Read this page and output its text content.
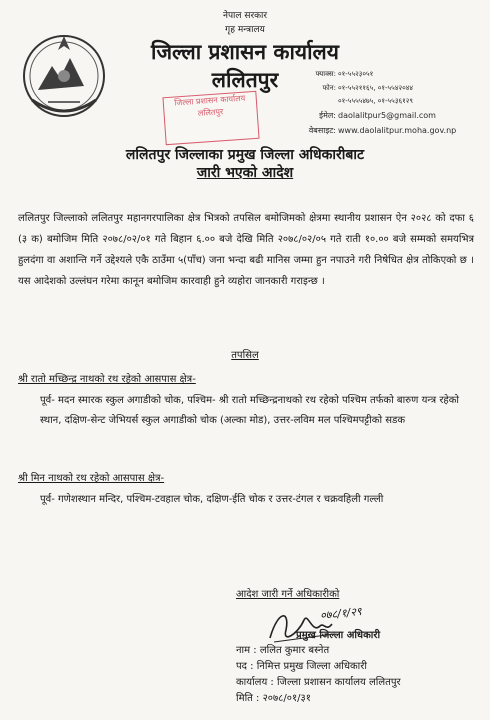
नेपाल सरकार
गृह मन्त्रालय
जिल्ला प्रशासन कार्यालय
ललितपुर
जिल्ला प्रशासन कार्यालय
ललितपुर
फ्याक्स: ०१-५५२३०५१
फोन: ०१-५५२११६५, ०१-५५४२०४४
०१-५५५५४७५, ०१-५५३६१२९
ईमेल: daolalitpur5@gmail.com
वेबसाइट: www.daolalitpur.moha.gov.np
ललितपुर जिल्लाका प्रमुख जिल्ला अधिकारीबाट
जारी भएको आदेश
ललितपुर जिल्लाको ललितपुर महानगरपालिका क्षेत्र भित्रको तपसिल बमोजिमको क्षेत्रमा स्थानीय प्रशासन ऐन २०२८ को दफा ६ (३ क) बमोजिम मिति २०७८/०२/०१ गते बिहान ६.०० बजे देखि मिति २०७८/०२/०५ गते राती १०.०० बजे सम्मको समयभित्र हुलदंगा वा अशान्ति गर्ने उद्देश्यले एकै ठाउँमा ५(पाँच) जना भन्दा बढी मानिस जम्मा हुन नपाउने गरी निषेधित क्षेत्र तोकिएको छ । यस आदेशको उल्लंघन गरेमा कानून बमोजिम कारवाही हुने व्यहोरा जानकारी गराइन्छ ।
तपसिल
श्री रातो मच्छिन्द्र नाथको रथ रहेको आसपास क्षेत्र-
पूर्व- मदन स्मारक स्कुल अगाडीको चोक, पश्चिम- श्री रातो मच्छिन्द्रनाथको रथ रहेको पश्चिम तर्फको बारुण यन्त्र रहेको स्थान, दक्षिण-सेन्ट जेभियर्स स्कुल अगाडीको चोक (अल्का मोड), उत्तर-लविम मल पश्चिमपट्टीको सडक
श्री मिन नाथको रथ रहेको आसपास क्षेत्र-
पूर्व- गणेशस्थान मन्दिर, पश्चिम-टवहाल चोक, दक्षिण-ईति चोक र उत्तर-टंगल र चक्रवहिली गल्ली
आदेश जारी गर्ने अधिकारीको
०७८/१/२९
प्रमुख जिल्ला अधिकारी
नाम : ललित कुमार बस्नेत
पद : निमित्त प्रमुख जिल्ला अधिकारी
कार्यालय : जिल्ला प्रशासन कार्यालय ललितपुर
मिति : २०७८/०१/३१
